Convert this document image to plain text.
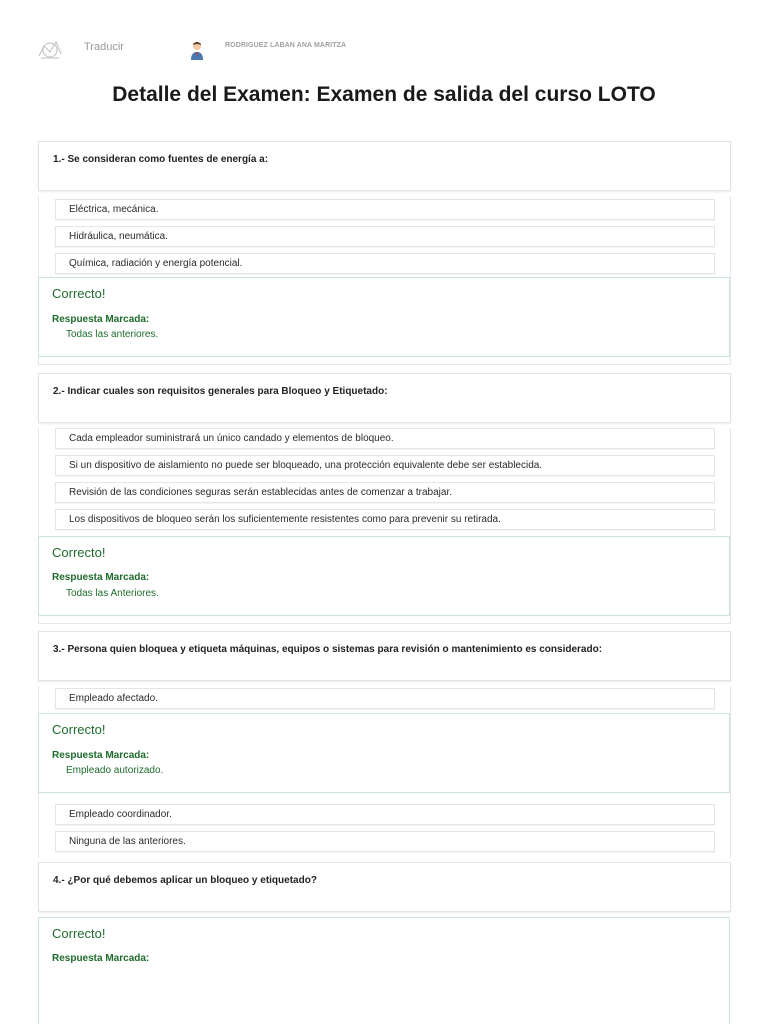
Traducir	RODRIGUEZ LABAN ANA MARITZA
Detalle del Examen: Examen de salida del curso LOTO
1.- Se consideran como fuentes de energía a:
Eléctrica, mecánica.
Hidráulica, neumática.
Química, radiación y energía potencial.
Correcto!
Respuesta Marcada:
Todas las anteriores.
2.- Indicar cuales son requisitos generales para Bloqueo y Etiquetado:
Cada empleador suministrará un único candado y elementos de bloqueo.
Si un dispositivo de aislamiento no puede ser bloqueado, una protección equivalente debe ser establecida.
Revisión de las condiciones seguras serán establecidas antes de comenzar a trabajar.
Los dispositivos de bloqueo serán los suficientemente resistentes como para prevenir su retirada.
Correcto!
Respuesta Marcada:
Todas las Anteriores.
3.- Persona quien bloquea y etiqueta máquinas, equipos o sistemas para revisión o mantenimiento es considerado:
Empleado afectado.
Empleado coordinador.
Ninguna de las anteriores.
Correcto!
Respuesta Marcada:
Empleado autorizado.
4.- ¿Por qué debemos aplicar un bloqueo y etiquetado?
Correcto!
Respuesta Marcada:
